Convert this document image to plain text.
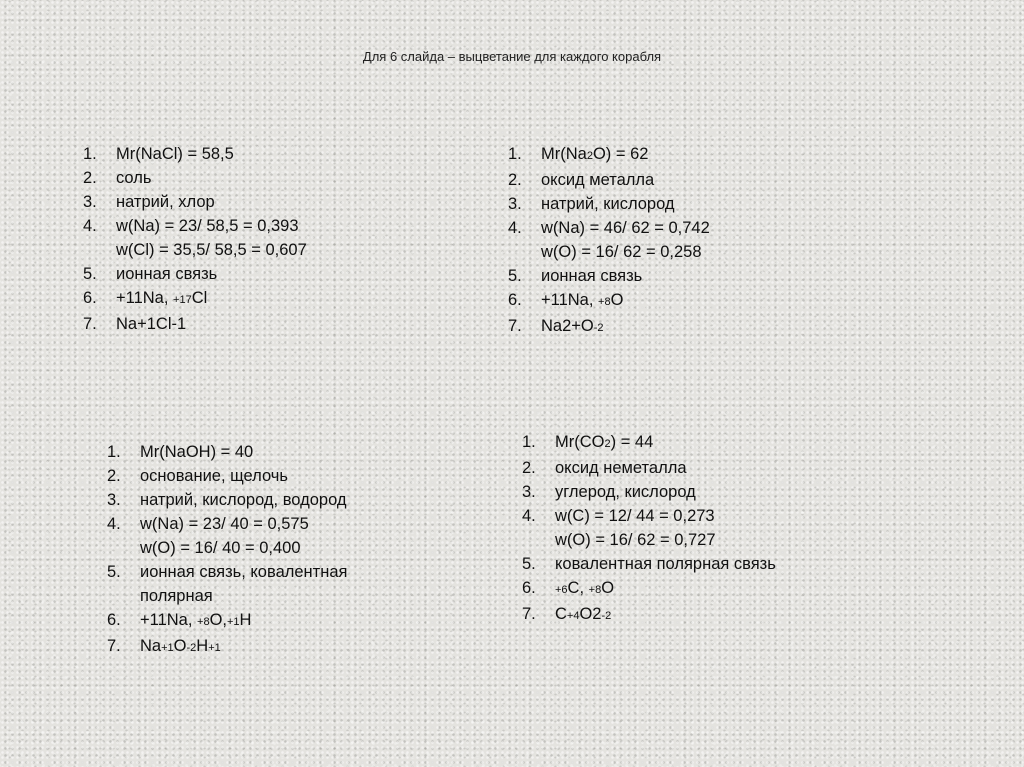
Для 6 слайда – выцветание для каждого корабля
1.	Mr(NaCl) = 58,5
2.	соль
3.	натрий, хлор
4.	w(Na) = 23/ 58,5 = 0,393
w(Cl) = 35,5/ 58,5 = 0,607
5.	ионная связь
6.	+11Na, +17Cl
7.	Na+1Cl-1
1.	Mr(Na2O) = 62
2.	оксид металла
3.	натрий, кислород
4.	w(Na) = 46/ 62 = 0,742
w(O) = 16/ 62 = 0,258
5.	ионная связь
6.	+11Na, +8O
7.	Na2+O-2
1.	Mr(NaOH) = 40
2.	основание, щелочь
3.	натрий, кислород, водород
4.	w(Na) = 23/ 40 = 0,575
w(O) = 16/ 40 = 0,400
5.	ионная связь, ковалентная
полярная
6.	+11Na, +8O,+1H
7.	Na+1O-2H+1
1.	Mr(CO2) = 44
2.	оксид неметалла
3.	углерод, кислород
4.	w(C) = 12/ 44 = 0,273
w(O) = 16/ 62 = 0,727
5.	ковалентная полярная связь
6.	+6C, +8O
7.	C+4O2-2
